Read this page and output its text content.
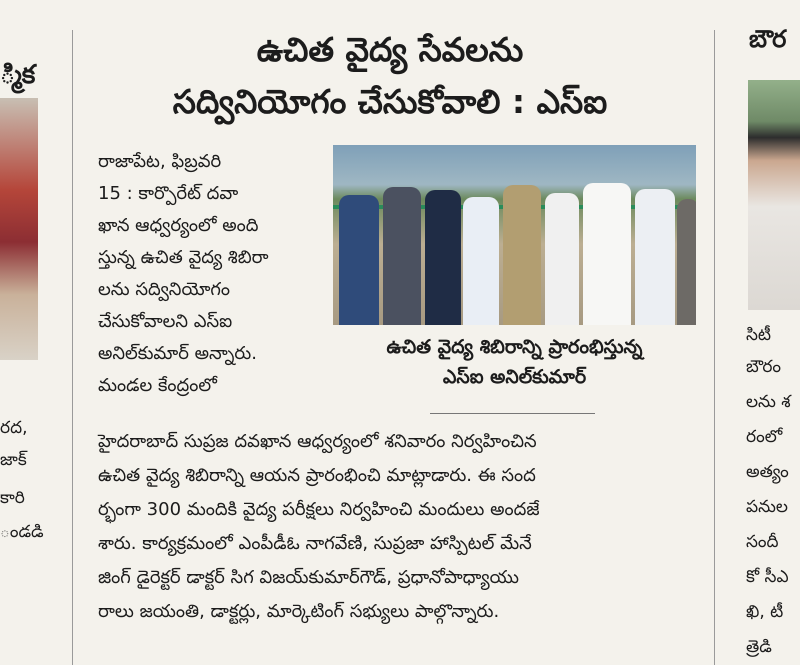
్మిక
రద,
జాక్
కారి
ండడి
ఉచిత వైద్య సేవలను
సద్వినియోగం చేసుకోవాలి : ఎస్ఐ
రాజాపేట, ఫిబ్రవరి
15 : కార్పొరేట్ దవా
ఖాన ఆధ్వర్యంలో అంది
స్తున్న ఉచిత వైద్య శిబిరా
లను సద్వినియోగం
చేసుకోవాలని ఎస్ఐ
అనిల్‌కుమార్ అన్నారు.
మండల కేంద్రంలో
ఉచిత వైద్య శిబిరాన్ని ప్రారంభిస్తున్న
ఎస్ఐ అనిల్‌కుమార్
హైదరాబాద్ సుప్రజ దవఖాన ఆధ్వర్యంలో శనివారం నిర్వహించిన
ఉచిత వైద్య శిబిరాన్ని ఆయన ప్రారంభించి మాట్లాడారు. ఈ సంద
ర్భంగా 300 మందికి వైద్య పరీక్షలు నిర్వహించి మందులు అందజే
శారు. కార్యక్రమంలో ఎంపీడీఓ నాగవేణి, సుప్రజా హాస్పిటల్ మేనే
జింగ్ డైరెక్టర్ డాక్టర్ సిగ విజయ్‌కుమార్‌గౌడ్, ప్రధానోపాధ్యాయు
రాలు జయంతి, డాక్టర్లు, మార్కెటింగ్ సభ్యులు పాల్గొన్నారు.
బౌర
సిటీ
బౌరం
లను శ
రంలో
అత్యం
పనుల
సందీ
కో సీఎ
ఖి, టీ
త్రెడి
